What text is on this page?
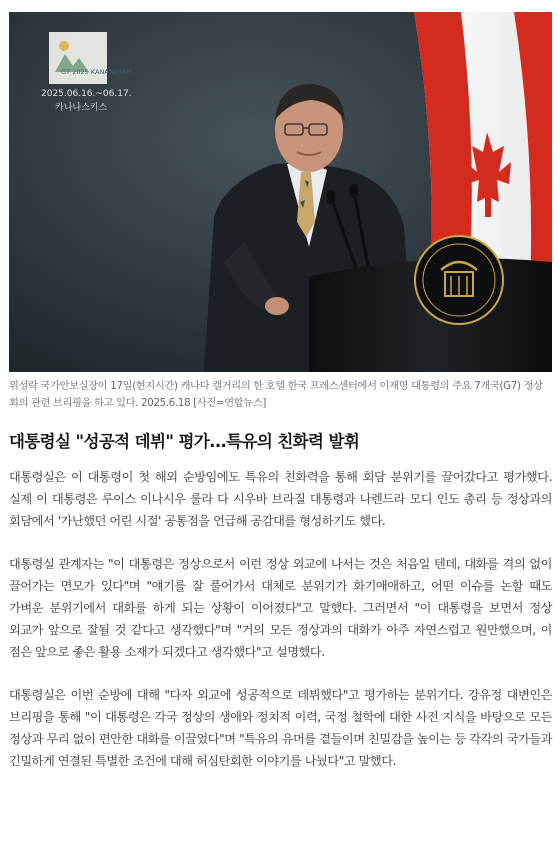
G7 2025 KANANASKIS
2025.06.16.~06.17.
카나나스키스
위성락 국가안보실장이 17일(현지시간) 캐나다 캘거리의 한 호텔 한국 프레스센터에서 이재명 대통령의 주요 7개국(G7) 정상회의 관련 브리핑을 하고 있다. 2025.6.18 [사진=연합뉴스]
대통령실 "성공적 데뷔" 평가...특유의 친화력 발휘

대통령실은 이 대통령이 첫 해외 순방임에도 특유의 친화력을 통해 회담 분위기를 끌어갔다고 평가했다. 실제 이 대통령은 루이스 이나시우 룰라 다 시우바 브라질 대통령과 나렌드라 모디 인도 총리 등 정상과의 회담에서 '가난했던 어린 시절' 공통점을 언급해 공감대를 형성하기도 했다.

대통령실 관계자는 "이 대통령은 정상으로서 이런 정상 외교에 나서는 것은 처음일 텐데, 대화를 격의 없이 끌어가는 면모가 있다"며 "얘기를 잘 풀어가서 대체로 분위기가 화기애애하고, 어떤 이슈를 논할 때도 가벼운 분위기에서 대화를 하게 되는 상황이 이어졌다"고 말했다. 그러면서 "이 대통령을 보면서 정상 외교가 앞으로 잘될 것 같다고 생각했다"며 "거의 모든 정상과의 대화가 아주 자연스럽고 원만했으며, 이 점은 앞으로 좋은 활용 소재가 되겠다고 생각했다"고 설명했다.

대통령실은 이번 순방에 대해 "다자 외교에 성공적으로 데뷔했다"고 평가하는 분위기다. 강유정 대변인은 브리핑을 통해 "이 대통령은 각국 정상의 생애와 정치적 이력, 국정 철학에 대한 사전 지식을 바탕으로 모든 정상과 무리 없이 편안한 대화를 이끌었다"며 "특유의 유머를 곁들이며 친밀감을 높이는 등 각각의 국가들과 긴밀하게 연결된 특별한 조건에 대해 허심탄회한 이야기를 나눴다"고 말했다.
